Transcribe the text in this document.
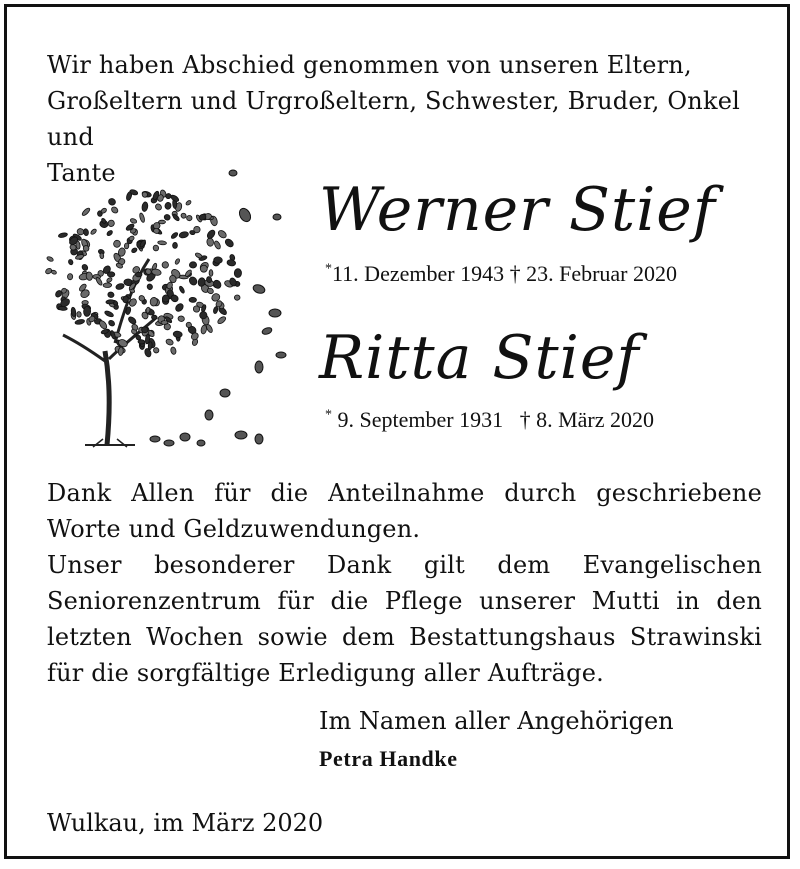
Wir haben Abschied genommen von unseren Eltern,
Großeltern und Urgroßeltern, Schwester, Bruder, Onkel und
Tante
Werner Stief
*11. Dezember 1943 † 23. Februar 2020
Ritta Stief
* 9. September 1931 † 8. März 2020

Dank Allen für die Anteilnahme durch geschriebene Worte und Geldzuwendungen.

Unser besonderer Dank gilt dem Evangelischen Seniorenzentrum für die Pflege unserer Mutti in den letzten Wochen sowie dem Bestattungshaus Strawinski für die sorgfältige Erledigung aller Aufträge.

Im Namen aller Angehörigen
Petra Handke
Wulkau, im März 2020
